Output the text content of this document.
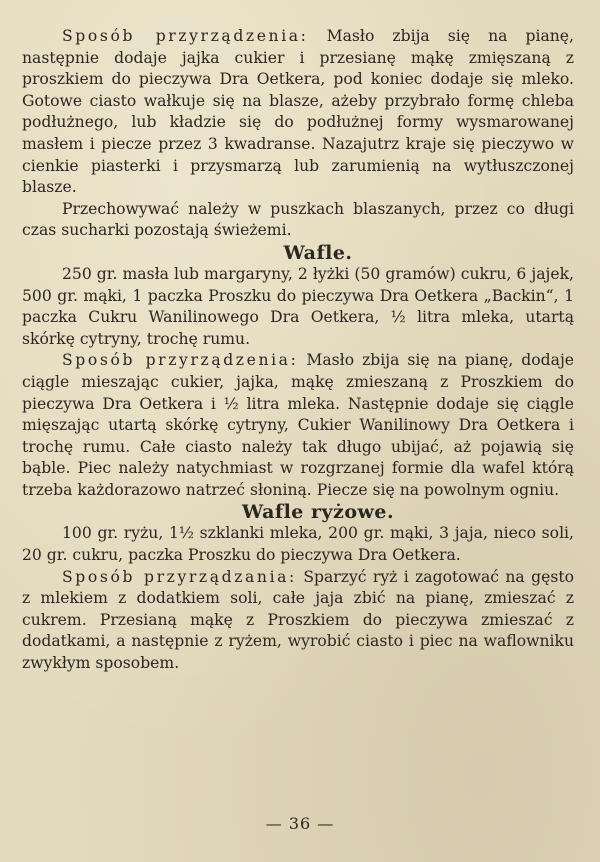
Sposób przyrządzenia: Masło zbija się na pianę, następnie dodaje jajka cukier i przesianę mąkę zmięszaną z proszkiem do pieczywa Dra Oetkera, pod koniec dodaje się mleko. Gotowe ciasto wałkuje się na blasze, ażeby przybrało formę chleba podłużnego, lub kładzie się do podłużnej formy wysmarowanej masłem i piecze przez 3 kwadranse. Nazajutrz kraje się pieczywo w cienkie piasterki i przysmarzą lub zarumienią na wytłuszczonej blasze.

Przechowywać należy w puszkach blaszanych, przez co długi czas sucharki pozostają świeżemi.

Wafle.

250 gr. masła lub margaryny, 2 łyżki (50 gramów) cukru, 6 jajek, 500 gr. mąki, 1 paczka Proszku do pieczywa Dra Oetkera „Backin“, 1 paczka Cukru Wanilinowego Dra Oetkera, ½ litra mleka, utartą skórkę cytryny, trochę rumu.

Sposób przyrządzenia: Masło zbija się na pianę, dodaje ciągle mieszając cukier, jajka, mąkę zmieszaną z Proszkiem do pieczywa Dra Oetkera i ½ litra mleka. Następnie dodaje się ciągle mięszając utartą skórkę cytryny, Cukier Wanilinowy Dra Oetkera i trochę rumu. Całe ciasto należy tak długo ubijać, aż pojawią się bąble. Piec należy natychmiast w rozgrzanej formie dla wafel którą trzeba każdorazowo natrzeć słoniną. Piecze się na powolnym ogniu.

Wafle ryżowe.

100 gr. ryżu, 1½ szklanki mleka, 200 gr. mąki, 3 jaja, nieco soli, 20 gr. cukru, paczka Proszku do pieczywa Dra Oetkera.

Sposób przyrządzania: Sparzyć ryż i zagotować na gęsto z mlekiem z dodatkiem soli, całe jaja zbić na pianę, zmieszać z cukrem. Przesianą mąkę z Proszkiem do pieczywa zmieszać z dodatkami, a następnie z ryżem, wyrobić ciasto i piec na waflowniku zwykłym sposobem.

— 36 —
